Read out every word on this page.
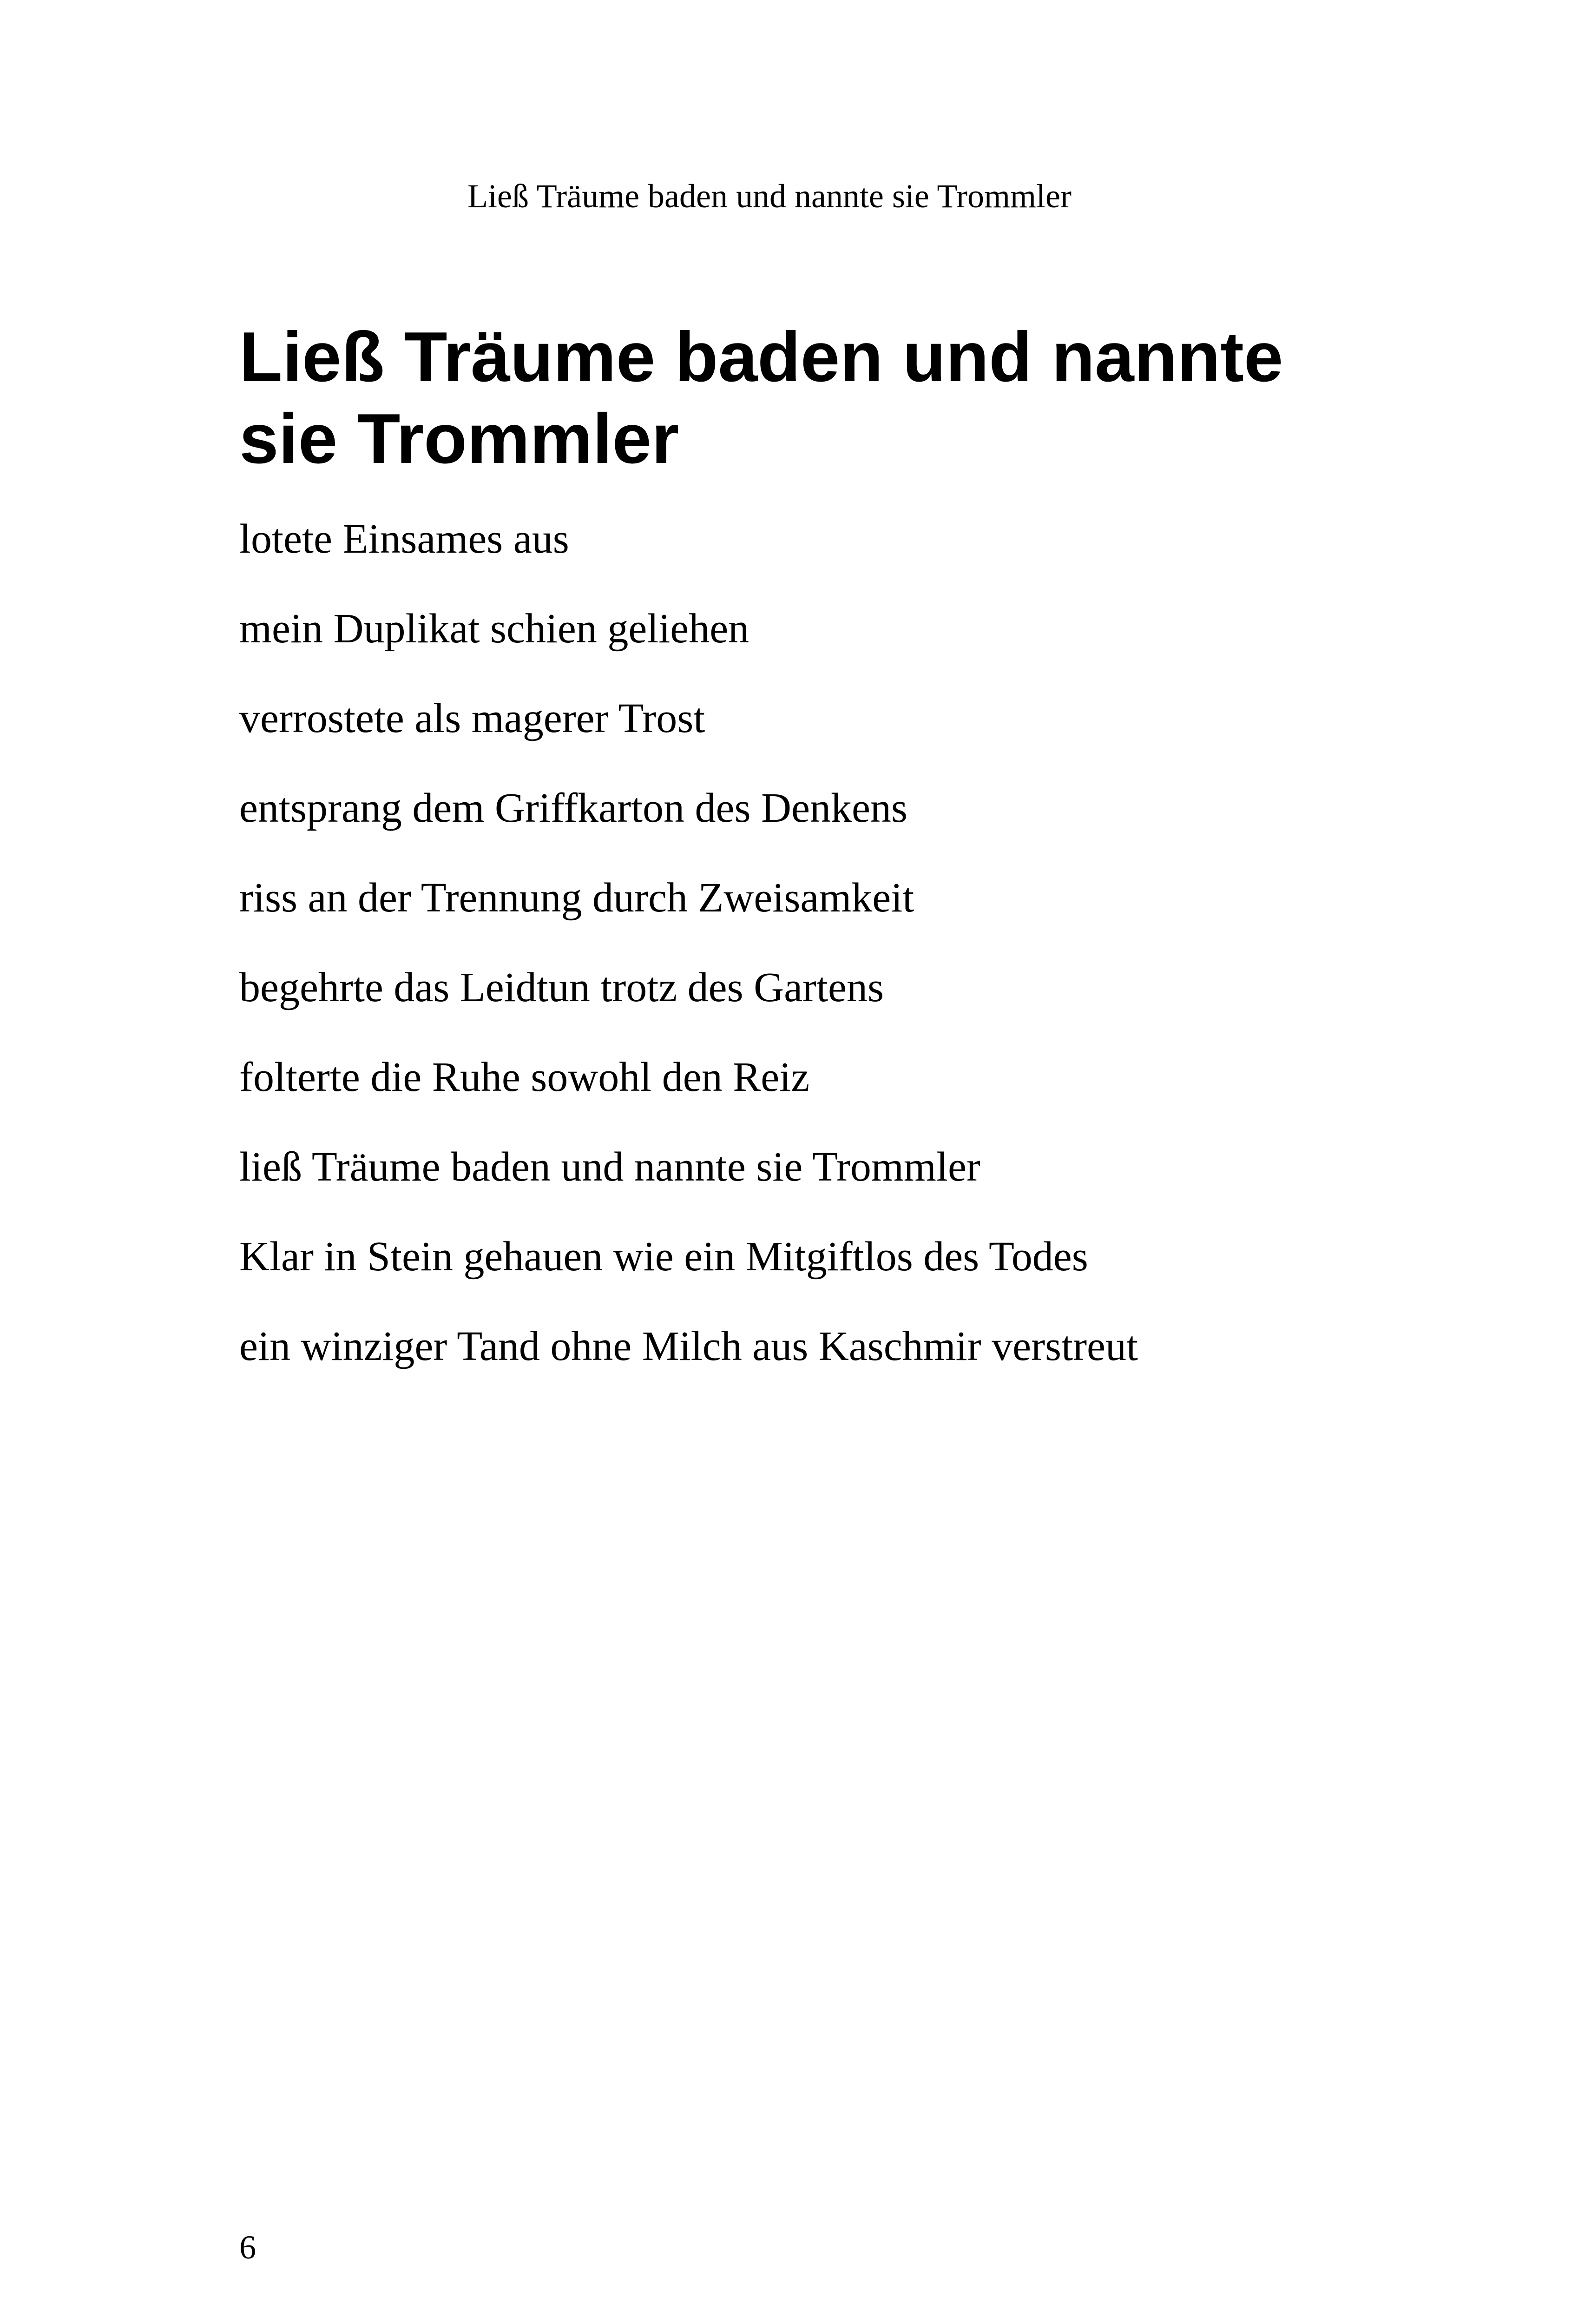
Ließ Träume baden und nannte sie Trommler
Ließ Träume baden und nannte
sie Trommler
lotete Einsames aus
mein Duplikat schien geliehen
verrostete als magerer Trost
entsprang dem Griffkarton des Denkens
riss an der Trennung durch Zweisamkeit
begehrte das Leidtun trotz des Gartens
folterte die Ruhe sowohl den Reiz
ließ Träume baden und nannte sie Trommler
Klar in Stein gehauen wie ein Mitgiftlos des Todes
ein winziger Tand ohne Milch aus Kaschmir verstreut
6
